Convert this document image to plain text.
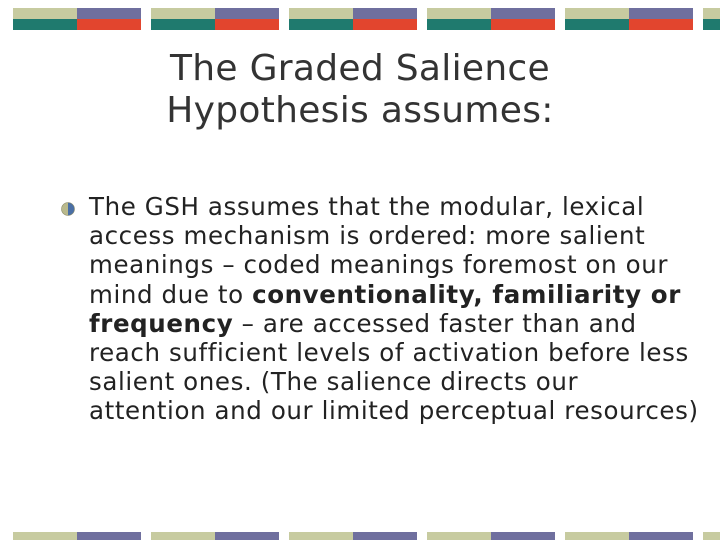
The Graded Salience
Hypothesis assumes:
The GSH assumes that the modular, lexical access mechanism is ordered: more salient meanings – coded meanings foremost on our mind due to conventionality, familiarity or frequency – are accessed faster than and reach sufficient levels of activation before less salient ones. (The salience directs our attention and our limited perceptual resources)
